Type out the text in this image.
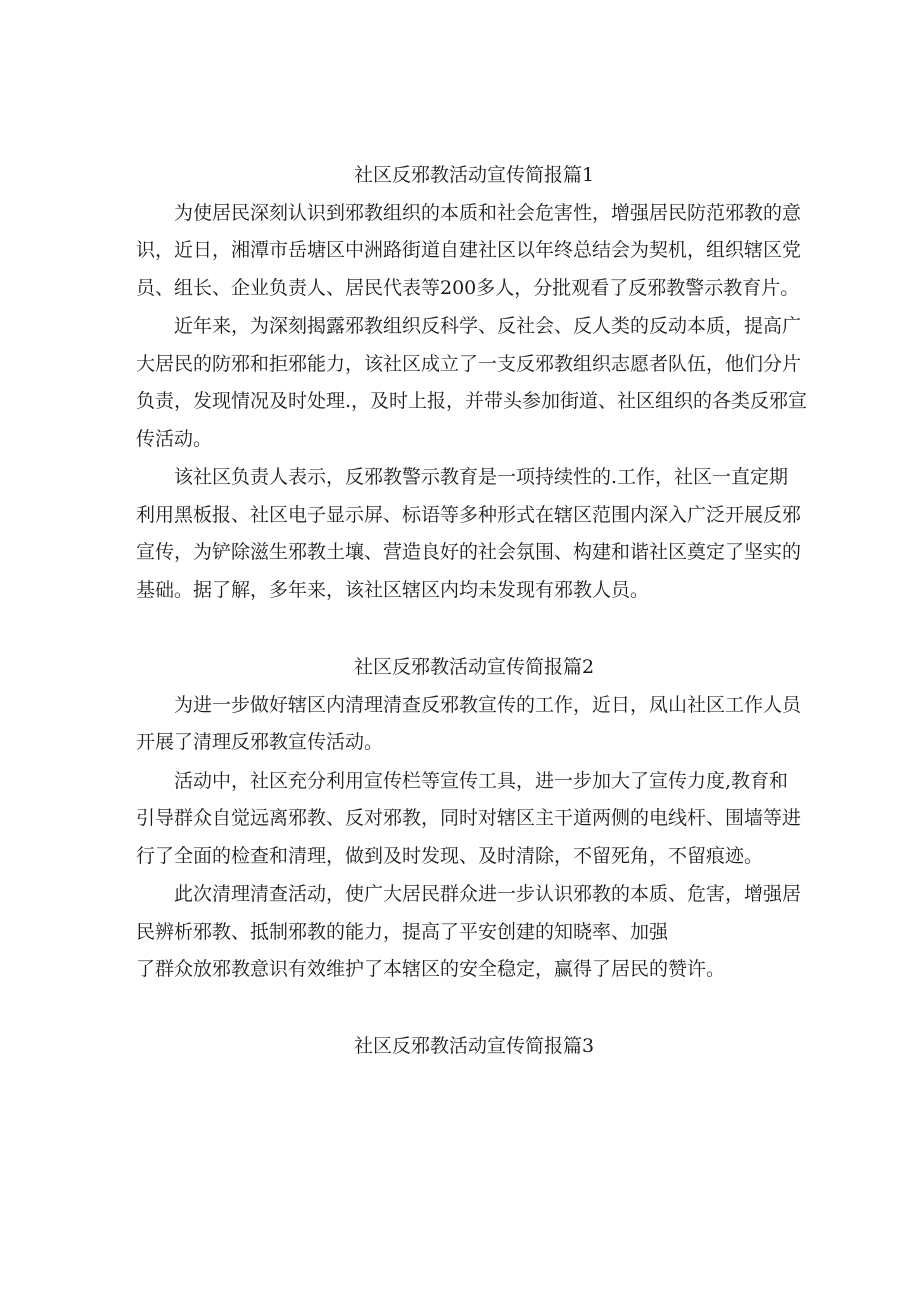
社区反邪教活动宣传简报篇1

为使居民深刻认识到邪教组织的本质和社会危害性，增强居民防范邪教的意
识，近日，湘潭市岳塘区中洲路街道自建社区以年终总结会为契机，组织辖区党
员、组长、企业负责人、居民代表等200多人，分批观看了反邪教警示教育片。

近年来，为深刻揭露邪教组织反科学、反社会、反人类的反动本质，提高广
大居民的防邪和拒邪能力，该社区成立了一支反邪教组织志愿者队伍，他们分片
负责，发现情况及时处理.，及时上报，并带头参加街道、社区组织的各类反邪宣
传活动。

该社区负责人表示，反邪教警示教育是一项持续性的.工作，社区一直定期
利用黑板报、社区电子显示屏、标语等多种形式在辖区范围内深入广泛开展反邪
宣传，为铲除滋生邪教土壤、营造良好的社会氛围、构建和谐社区奠定了坚实的
基础。据了解，多年来，该社区辖区内均未发现有邪教人员。

社区反邪教活动宣传简报篇2

为进一步做好辖区内清理清查反邪教宣传的工作，近日，凤山社区工作人员
开展了清理反邪教宣传活动。

活动中，社区充分利用宣传栏等宣传工具，进一步加大了宣传力度,教育和
引导群众自觉远离邪教、反对邪教，同时对辖区主干道两侧的电线杆、围墙等进
行了全面的检查和清理，做到及时发现、及时清除，不留死角，不留痕迹。

此次清理清查活动，使广大居民群众进一步认识邪教的本质、危害，增强居
民辨析邪教、抵制邪教的能力，提高了平安创建的知晓率、加强
了群众放邪教意识有效维护了本辖区的安全稳定，赢得了居民的赞许。

社区反邪教活动宣传简报篇3
